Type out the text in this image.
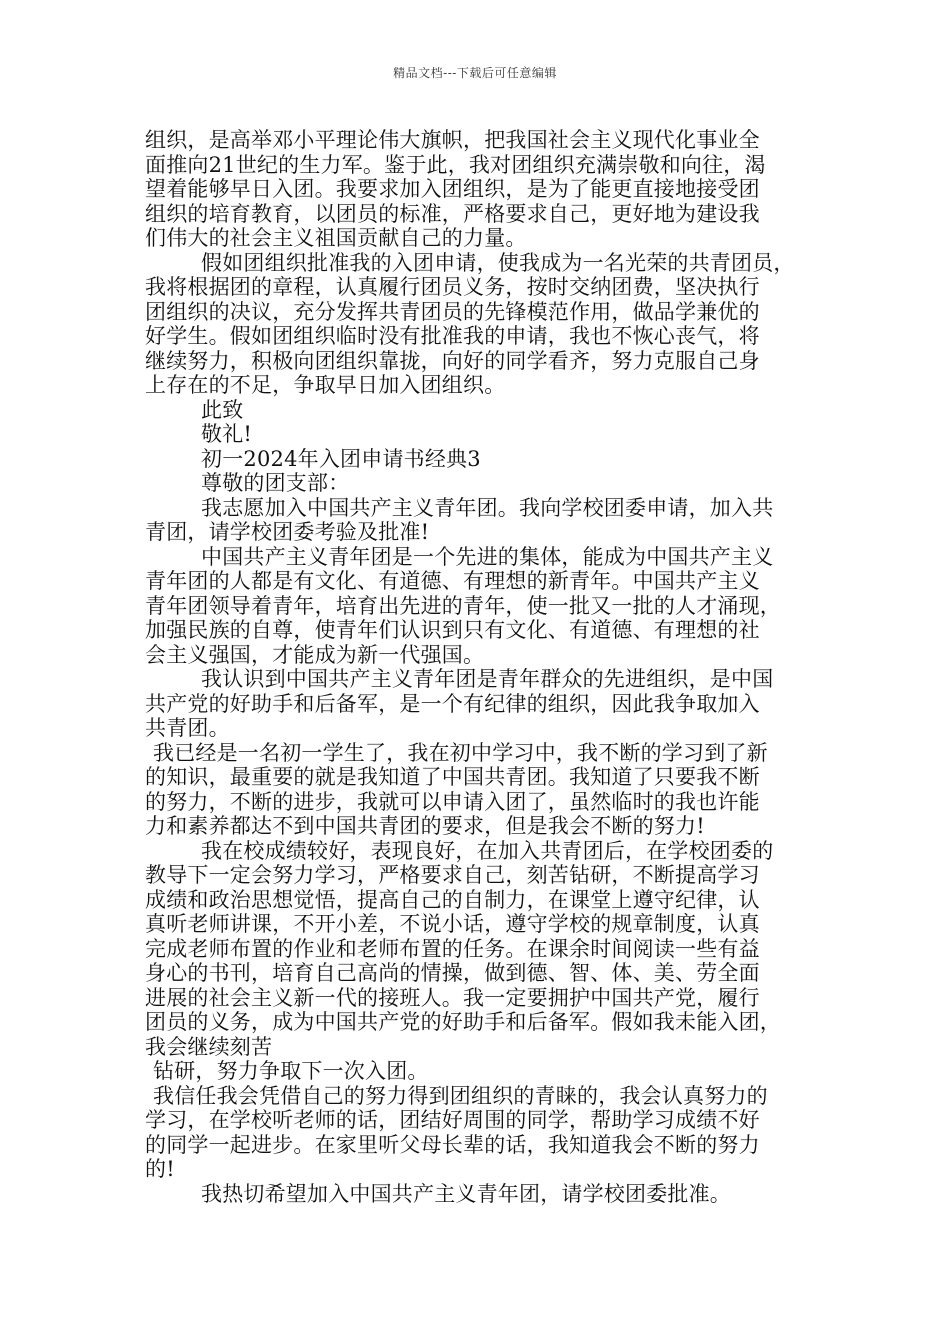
精品文档---下载后可任意编辑
组织，是高举邓小平理论伟大旗帜，把我国社会主义现代化事业全
面推向21世纪的生力军。鉴于此，我对团组织充满崇敬和向往，渴
望着能够早日入团。我要求加入团组织，是为了能更直接地接受团
组织的培育教育，以团员的标准，严格要求自己，更好地为建设我
们伟大的社会主义祖国贡献自己的力量。
假如团组织批准我的入团申请，使我成为一名光荣的共青团员，
我将根据团的章程，认真履行团员义务，按时交纳团费，坚决执行
团组织的决议，充分发挥共青团员的先锋模范作用，做品学兼优的
好学生。假如团组织临时没有批准我的申请，我也不恢心丧气，将
继续努力，积极向团组织靠拢，向好的同学看齐，努力克服自己身
上存在的不足，争取早日加入团组织。
此致
敬礼!
初一2024年入团申请书经典3
尊敬的团支部：
我志愿加入中国共产主义青年团。我向学校团委申请，加入共
青团，请学校团委考验及批准!
中国共产主义青年团是一个先进的集体，能成为中国共产主义
青年团的人都是有文化、有道德、有理想的新青年。中国共产主义
青年团领导着青年，培育出先进的青年，使一批又一批的人才涌现，
加强民族的自尊，使青年们认识到只有文化、有道德、有理想的社
会主义强国，才能成为新一代强国。
我认识到中国共产主义青年团是青年群众的先进组织，是中国
共产党的好助手和后备军，是一个有纪律的组织，因此我争取加入
共青团。
我已经是一名初一学生了，我在初中学习中，我不断的学习到了新
的知识，最重要的就是我知道了中国共青团。我知道了只要我不断
的努力，不断的进步，我就可以申请入团了，虽然临时的我也许能
力和素养都达不到中国共青团的要求，但是我会不断的努力!
我在校成绩较好，表现良好，在加入共青团后，在学校团委的
教导下一定会努力学习，严格要求自己，刻苦钻研，不断提高学习
成绩和政治思想觉悟，提高自己的自制力，在课堂上遵守纪律，认
真听老师讲课，不开小差，不说小话，遵守学校的规章制度，认真
完成老师布置的作业和老师布置的任务。在课余时间阅读一些有益
身心的书刊，培育自己高尚的情操，做到德、智、体、美、劳全面
进展的社会主义新一代的接班人。我一定要拥护中国共产党，履行
团员的义务，成为中国共产党的好助手和后备军。假如我未能入团，
我会继续刻苦
钻研，努力争取下一次入团。
我信任我会凭借自己的努力得到团组织的青睐的，我会认真努力的
学习，在学校听老师的话，团结好周围的同学，帮助学习成绩不好
的同学一起进步。在家里听父母长辈的话，我知道我会不断的努力
的!
我热切希望加入中国共产主义青年团，请学校团委批准。
